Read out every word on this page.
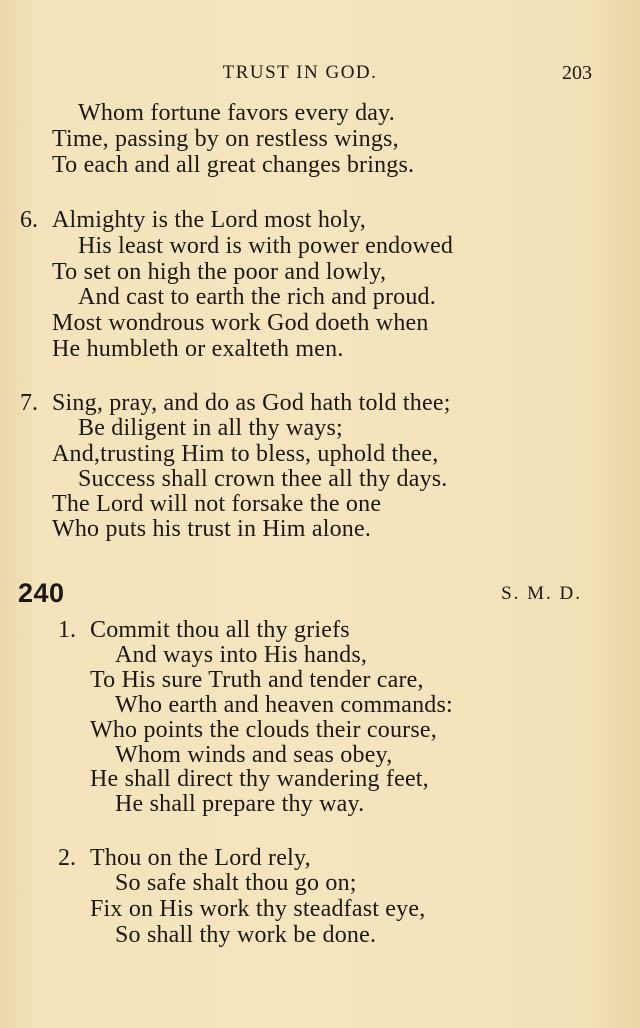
TRUST IN GOD.	203
Whom fortune favors every day.
Time, passing by on restless wings,
To each and all great changes brings.
6. Almighty is the Lord most holy,
His least word is with power endowed
To set on high the poor and lowly,
And cast to earth the rich and proud.
Most wondrous work God doeth when
He humbleth or exalteth men.
7. Sing, pray, and do as God hath told thee;
Be diligent in all thy ways;
And,trusting Him to bless, uphold thee,
Success shall crown thee all thy days.
The Lord will not forsake the one
Who puts his trust in Him alone.
240	S. M. D.
1. Commit thou all thy griefs
And ways into His hands,
To His sure Truth and tender care,
Who earth and heaven commands:
Who points the clouds their course,
Whom winds and seas obey,
He shall direct thy wandering feet,
He shall prepare thy way.
2. Thou on the Lord rely,
So safe shalt thou go on;
Fix on His work thy steadfast eye,
So shall thy work be done.
